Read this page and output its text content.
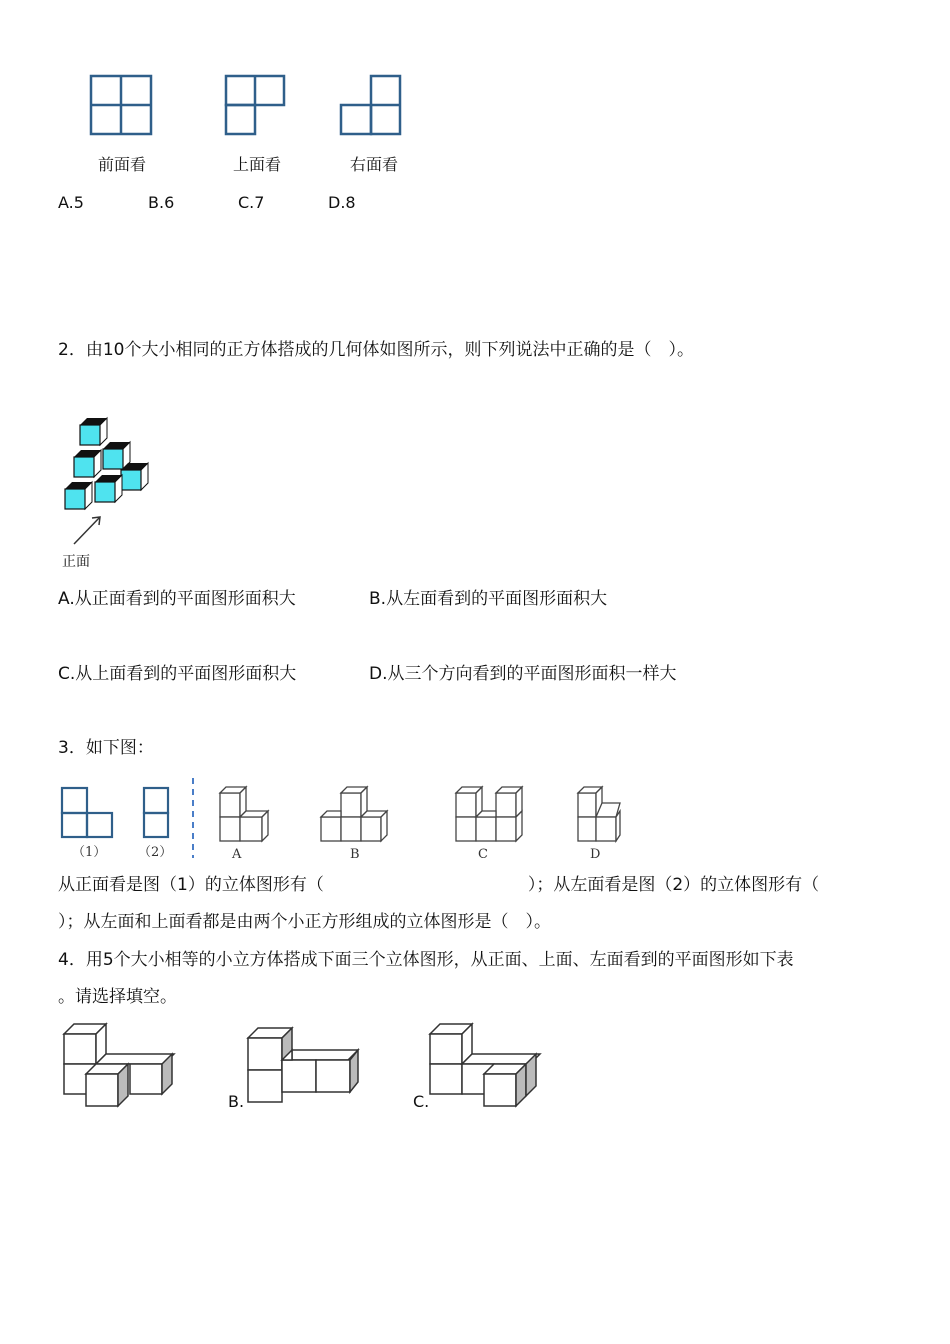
前面看	上面看	右面看
A.5	B.6	C.7	D.8
2．由10个大小相同的正方体搭成的几何体如图所示，则下列说法中正确的是（　）。
正面
A.从正面看到的平面图形面积大	B.从左面看到的平面图形面积大
C.从上面看到的平面图形面积大	D.从三个方向看到的平面图形面积一样大
3．如下图：
（1） （2）	A	B	C	D
从正面看是图（1）的立体图形有（　　　　　　　　　　　　）；从左面看是图（2）的立体图形有（
）；从左面和上面看都是由两个小正方形组成的立体图形是（　）。
4．用5个大小相等的小立方体搭成下面三个立体图形，从正面、上面、左面看到的平面图形如下表
。请选择填空。
B.	C.
